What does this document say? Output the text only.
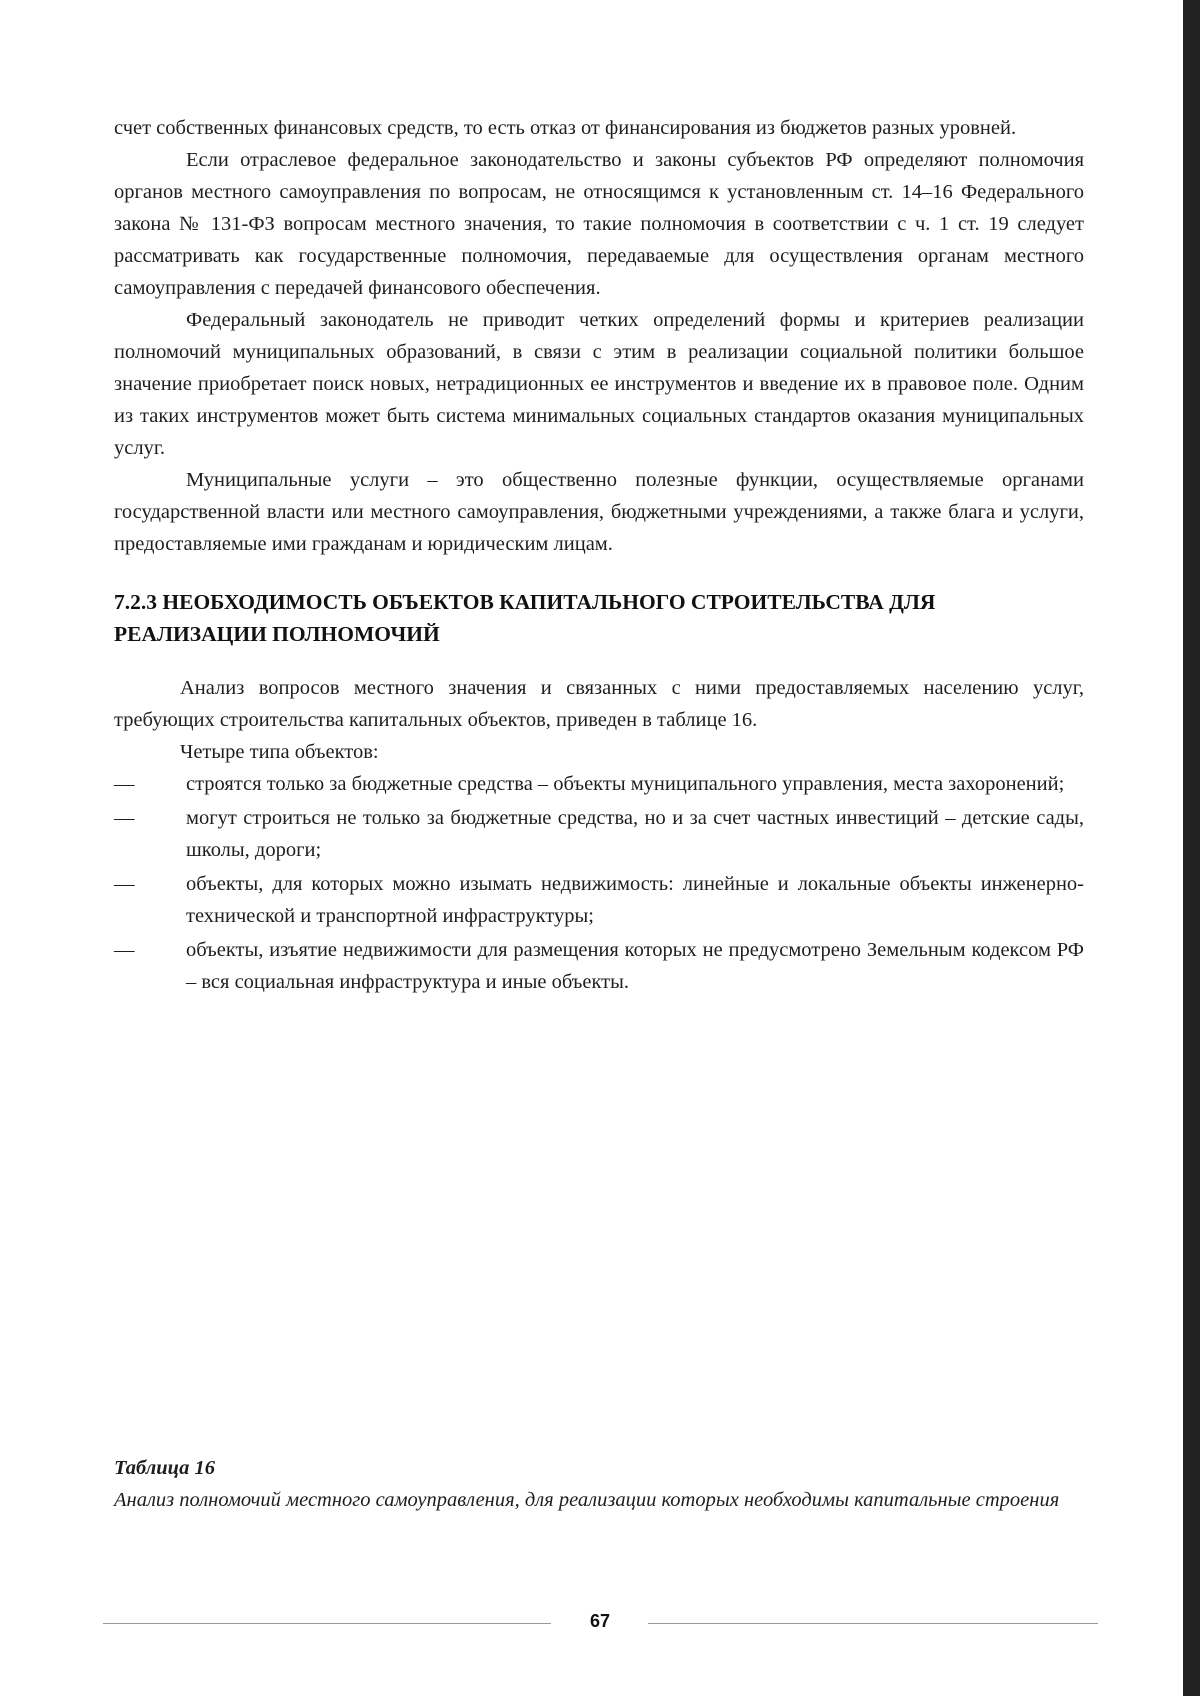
счет собственных финансовых средств, то есть отказ от финансирования из бюджетов разных уровней.

Если отраслевое федеральное законодательство и законы субъектов РФ определяют полномочия органов местного самоуправления по вопросам, не относящимся к установленным ст. 14–16 Федерального закона № 131-ФЗ вопросам местного значения, то такие полномочия в соответствии с ч. 1 ст. 19 следует рассматривать как государственные полномочия, передаваемые для осуществления органам местного самоуправления с передачей финансового обеспечения.

Федеральный законодатель не приводит четких определений формы и критериев реализации полномочий муниципальных образований, в связи с этим в реализации социальной политики большое значение приобретает поиск новых, нетрадиционных ее инструментов и введение их в правовое поле. Одним из таких инструментов может быть система минимальных социальных стандартов оказания муниципальных услуг.

Муниципальные услуги – это общественно полезные функции, осуществляемые органами государственной власти или местного самоуправления, бюджетными учреждениями, а также блага и услуги, предоставляемые ими гражданам и юридическим лицам.

7.2.3 НЕОБХОДИМОСТЬ ОБЪЕКТОВ КАПИТАЛЬНОГО СТРОИТЕЛЬСТВА ДЛЯ РЕАЛИЗАЦИИ ПОЛНОМОЧИЙ

Анализ вопросов местного значения и связанных с ними предоставляемых населению услуг, требующих строительства капитальных объектов, приведен в таблице 16.

Четыре типа объектов:

—	строятся только за бюджетные средства – объекты муниципального управления, места захоронений;
—	могут строиться не только за бюджетные средства, но и за счет частных инвестиций – детские сады, школы, дороги;
—	объекты, для которых можно изымать недвижимость: линейные и локальные объекты инженерно-технической и транспортной инфраструктуры;
—	объекты, изъятие недвижимости для размещения которых не предусмотрено Земельным кодексом РФ – вся социальная инфраструктура и иные объекты.

Таблица 16

Анализ полномочий местного самоуправления, для реализации которых необходимы капитальные строения

67
